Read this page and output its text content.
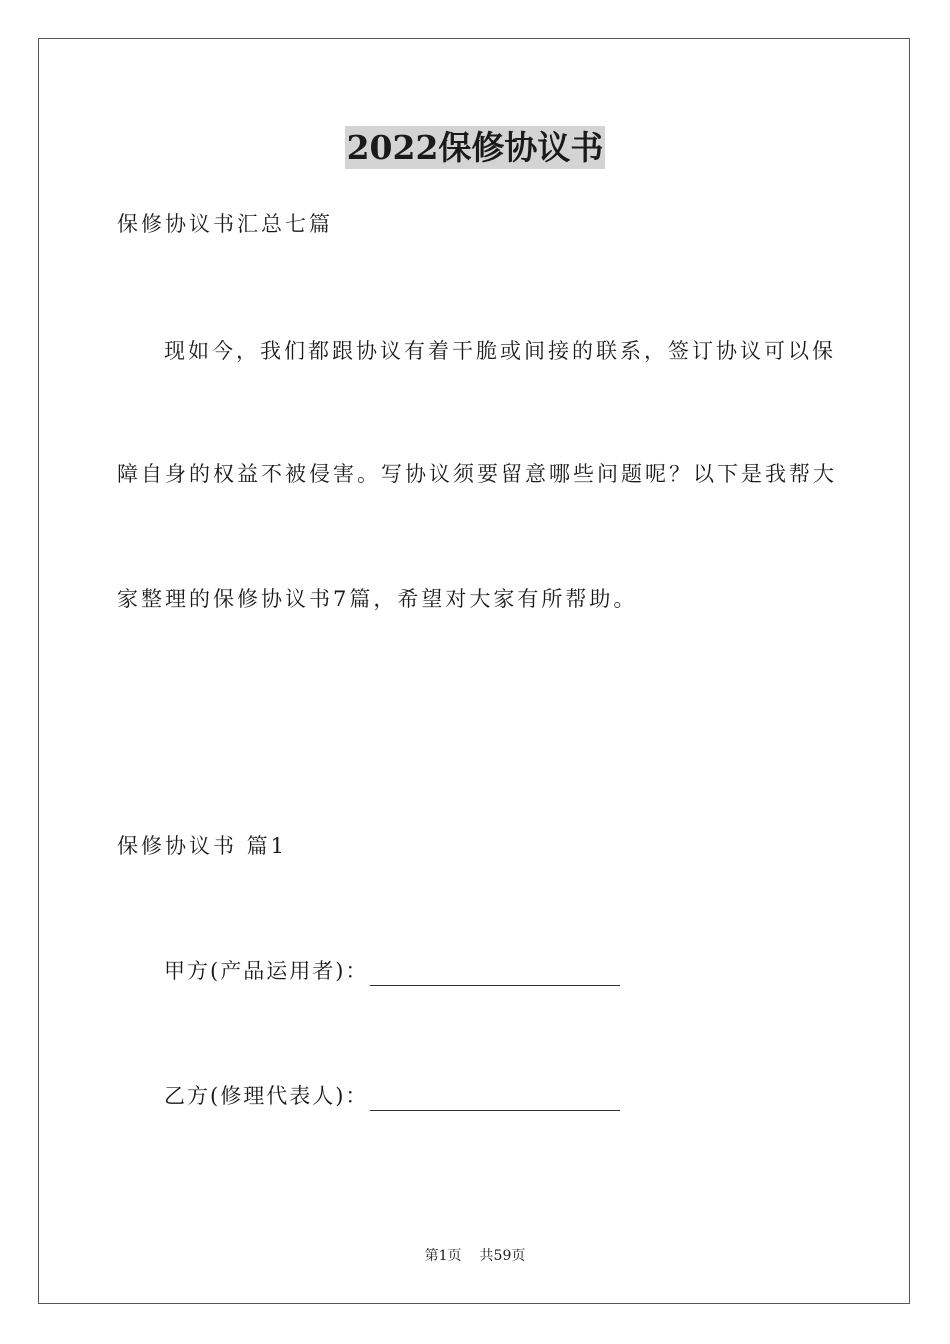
2022保修协议书
保修协议书汇总七篇
现如今，我们都跟协议有着干脆或间接的联系，签订协议可以保
障自身的权益不被侵害。写协议须要留意哪些问题呢？以下是我帮大
家整理的保修协议书7篇，希望对大家有所帮助。
保修协议书 篇1
甲方(产品运用者)：
乙方(修理代表人)：
第1页 共59页
